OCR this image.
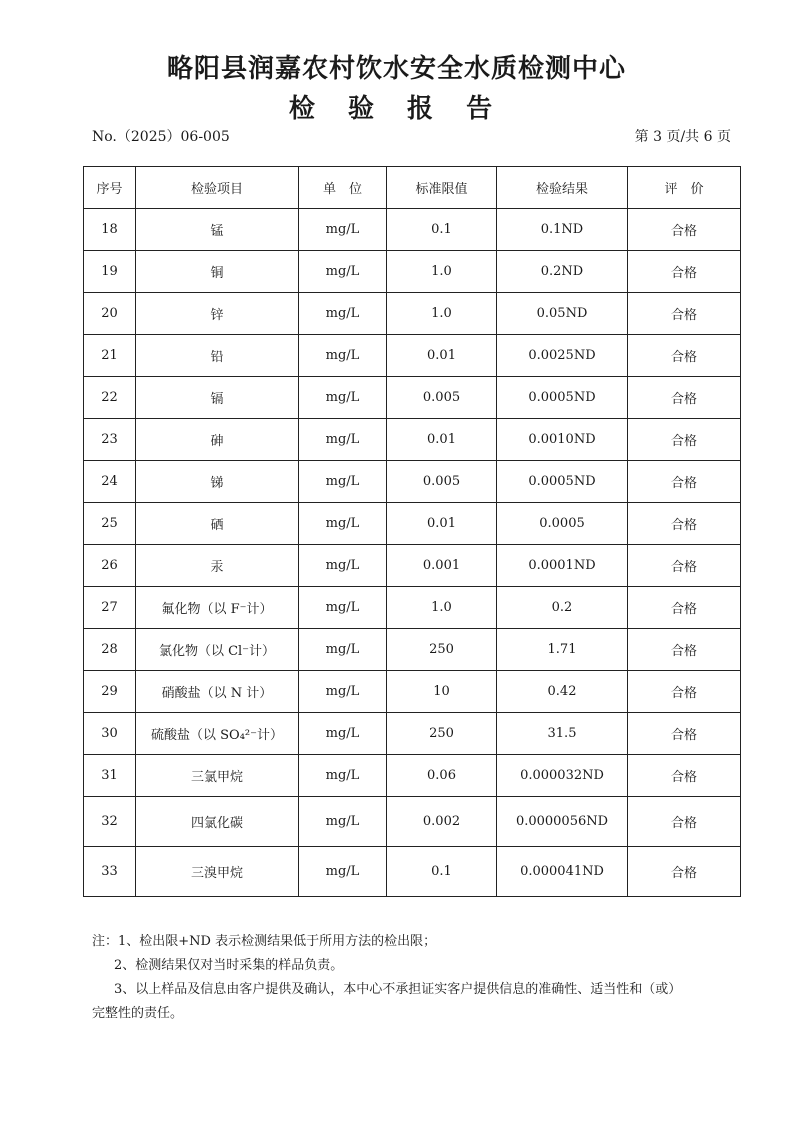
略阳县润嘉农村饮水安全水质检测中心
检 验 报 告
No.（2025）06-005	第 3 页/共 6 页
序号	检验项目	单　位	标准限值	检验结果	评　价
18	锰	mg/L	0.1	0.1ND	合格
19	铜	mg/L	1.0	0.2ND	合格
20	锌	mg/L	1.0	0.05ND	合格
21	铅	mg/L	0.01	0.0025ND	合格
22	镉	mg/L	0.005	0.0005ND	合格
23	砷	mg/L	0.01	0.0010ND	合格
24	锑	mg/L	0.005	0.0005ND	合格
25	硒	mg/L	0.01	0.0005	合格
26	汞	mg/L	0.001	0.0001ND	合格
27	氟化物（以 F⁻计）	mg/L	1.0	0.2	合格
28	氯化物（以 Cl⁻计）	mg/L	250	1.71	合格
29	硝酸盐（以 N 计）	mg/L	10	0.42	合格
30	硫酸盐（以 SO₄²⁻计）	mg/L	250	31.5	合格
31	三氯甲烷	mg/L	0.06	0.000032ND	合格
32	四氯化碳	mg/L	0.002	0.0000056ND	合格
33	三溴甲烷	mg/L	0.1	0.000041ND	合格
注：1、检出限+ND 表示检测结果低于所用方法的检出限；
2、检测结果仅对当时采集的样品负责。
3、以上样品及信息由客户提供及确认，本中心不承担证实客户提供信息的准确性、适当性和（或）
完整性的责任。
